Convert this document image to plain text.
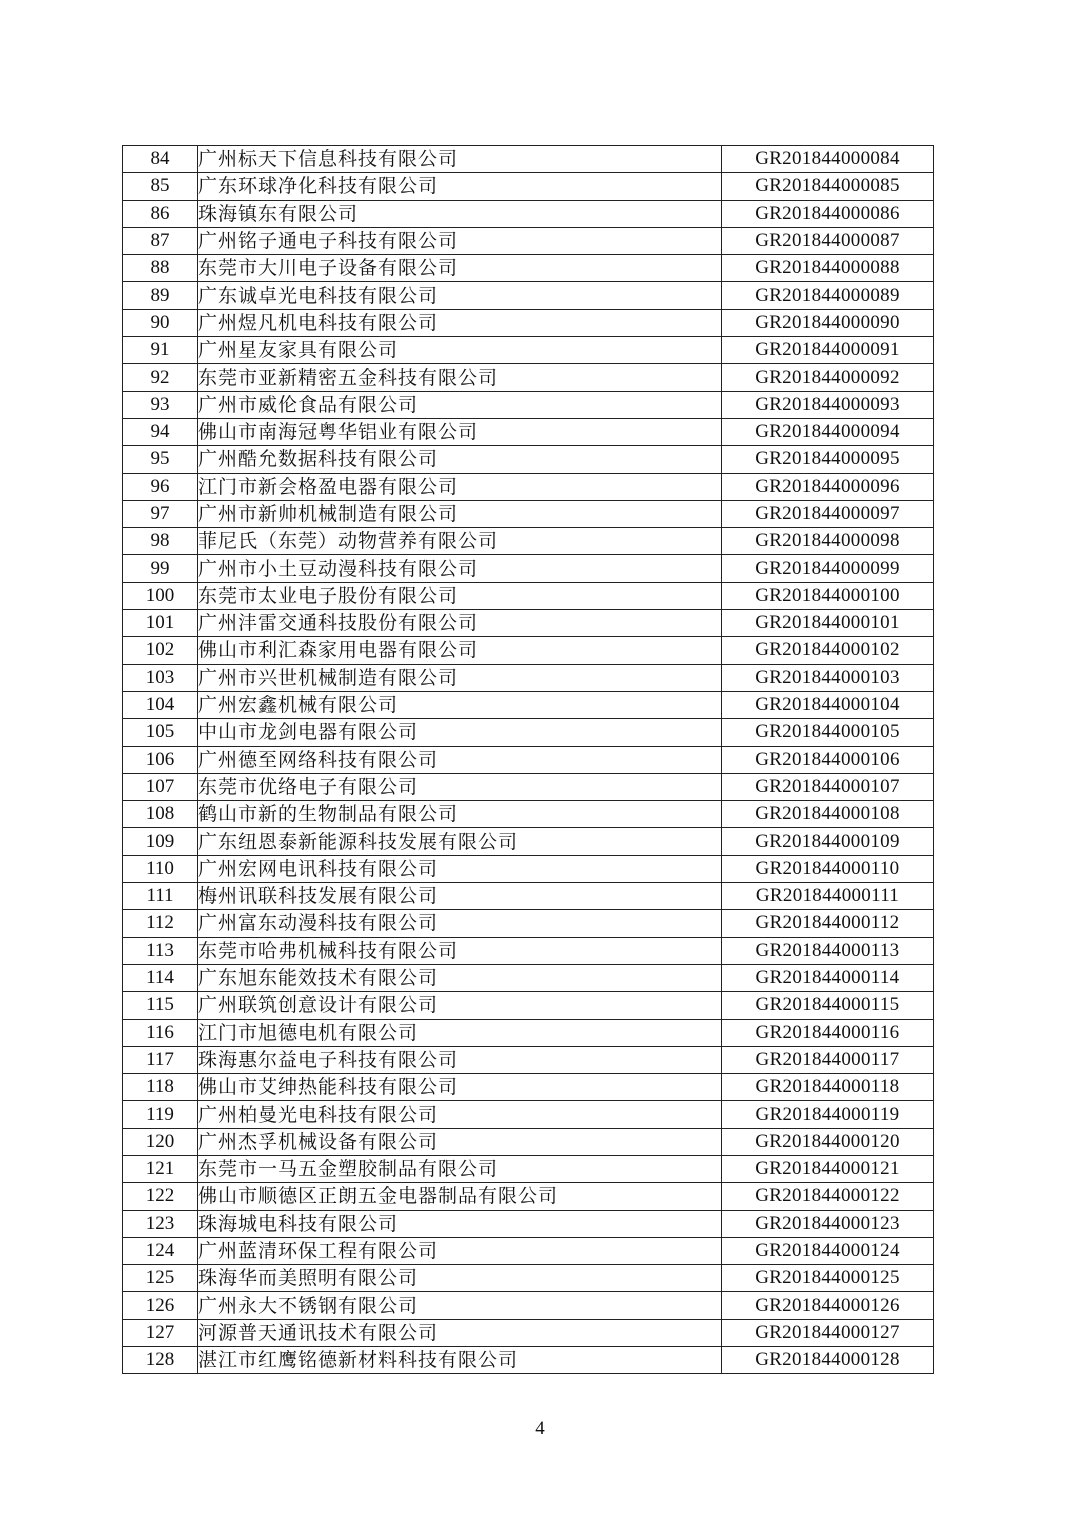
84	广州标天下信息科技有限公司	GR201844000084
85	广东环球净化科技有限公司	GR201844000085
86	珠海镇东有限公司	GR201844000086
87	广州铭子通电子科技有限公司	GR201844000087
88	东莞市大川电子设备有限公司	GR201844000088
89	广东诚卓光电科技有限公司	GR201844000089
90	广州煜凡机电科技有限公司	GR201844000090
91	广州星友家具有限公司	GR201844000091
92	东莞市亚新精密五金科技有限公司	GR201844000092
93	广州市威伦食品有限公司	GR201844000093
94	佛山市南海冠粤华铝业有限公司	GR201844000094
95	广州酷允数据科技有限公司	GR201844000095
96	江门市新会格盈电器有限公司	GR201844000096
97	广州市新帅机械制造有限公司	GR201844000097
98	菲尼氏（东莞）动物营养有限公司	GR201844000098
99	广州市小土豆动漫科技有限公司	GR201844000099
100	东莞市太业电子股份有限公司	GR201844000100
101	广州沣雷交通科技股份有限公司	GR201844000101
102	佛山市利汇森家用电器有限公司	GR201844000102
103	广州市兴世机械制造有限公司	GR201844000103
104	广州宏鑫机械有限公司	GR201844000104
105	中山市龙剑电器有限公司	GR201844000105
106	广州德至网络科技有限公司	GR201844000106
107	东莞市优络电子有限公司	GR201844000107
108	鹤山市新的生物制品有限公司	GR201844000108
109	广东纽恩泰新能源科技发展有限公司	GR201844000109
110	广州宏网电讯科技有限公司	GR201844000110
111	梅州讯联科技发展有限公司	GR201844000111
112	广州富东动漫科技有限公司	GR201844000112
113	东莞市哈弗机械科技有限公司	GR201844000113
114	广东旭东能效技术有限公司	GR201844000114
115	广州联筑创意设计有限公司	GR201844000115
116	江门市旭德电机有限公司	GR201844000116
117	珠海惠尔益电子科技有限公司	GR201844000117
118	佛山市艾绅热能科技有限公司	GR201844000118
119	广州柏曼光电科技有限公司	GR201844000119
120	广州杰孚机械设备有限公司	GR201844000120
121	东莞市一马五金塑胶制品有限公司	GR201844000121
122	佛山市顺德区正朗五金电器制品有限公司	GR201844000122
123	珠海城电科技有限公司	GR201844000123
124	广州蓝清环保工程有限公司	GR201844000124
125	珠海华而美照明有限公司	GR201844000125
126	广州永大不锈钢有限公司	GR201844000126
127	河源普天通讯技术有限公司	GR201844000127
128	湛江市红鹰铭德新材料科技有限公司	GR201844000128
4
